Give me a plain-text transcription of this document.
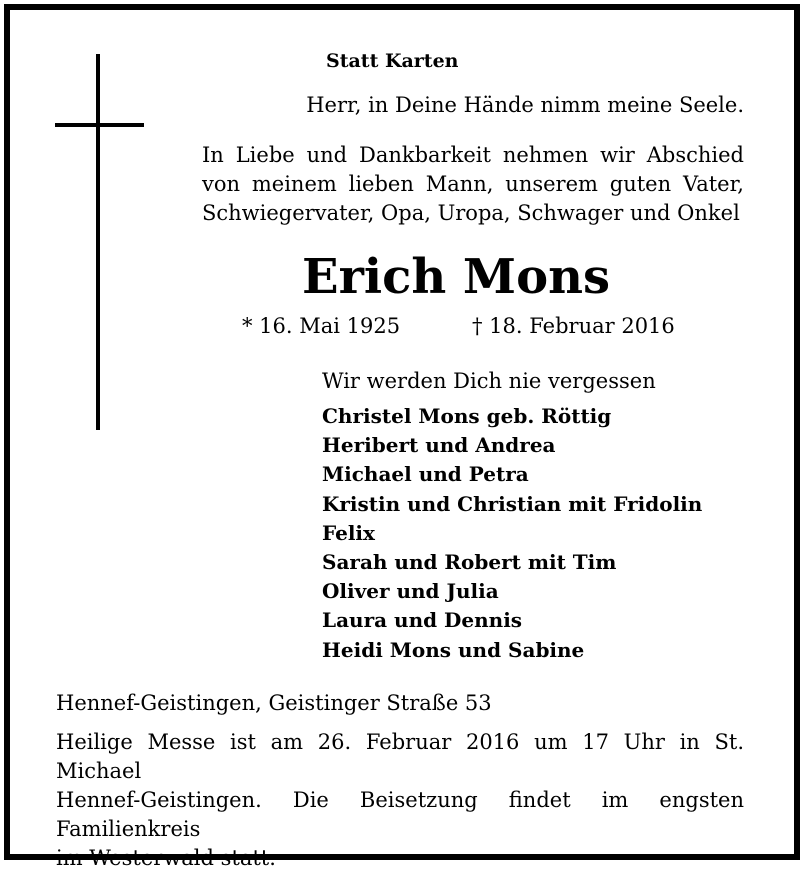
Statt Karten
Herr, in Deine Hände nimm meine Seele.
In Liebe und Dankbarkeit nehmen wir Abschied
von meinem lieben Mann, unserem guten Vater,
Schwiegervater, Opa, Uropa, Schwager und Onkel
Erich Mons
* 16. Mai 1925	† 18. Februar 2016
Wir werden Dich nie vergessen
Christel Mons geb. Röttig
Heribert und Andrea
Michael und Petra
Kristin und Christian mit Fridolin
Felix
Sarah und Robert mit Tim
Oliver und Julia
Laura und Dennis
Heidi Mons und Sabine
Hennef-Geistingen, Geistinger Straße 53
Heilige Messe ist am 26. Februar 2016 um 17 Uhr in St. Michael
Hennef-Geistingen. Die Beisetzung findet im engsten Familienkreis
im Westerwald statt.
